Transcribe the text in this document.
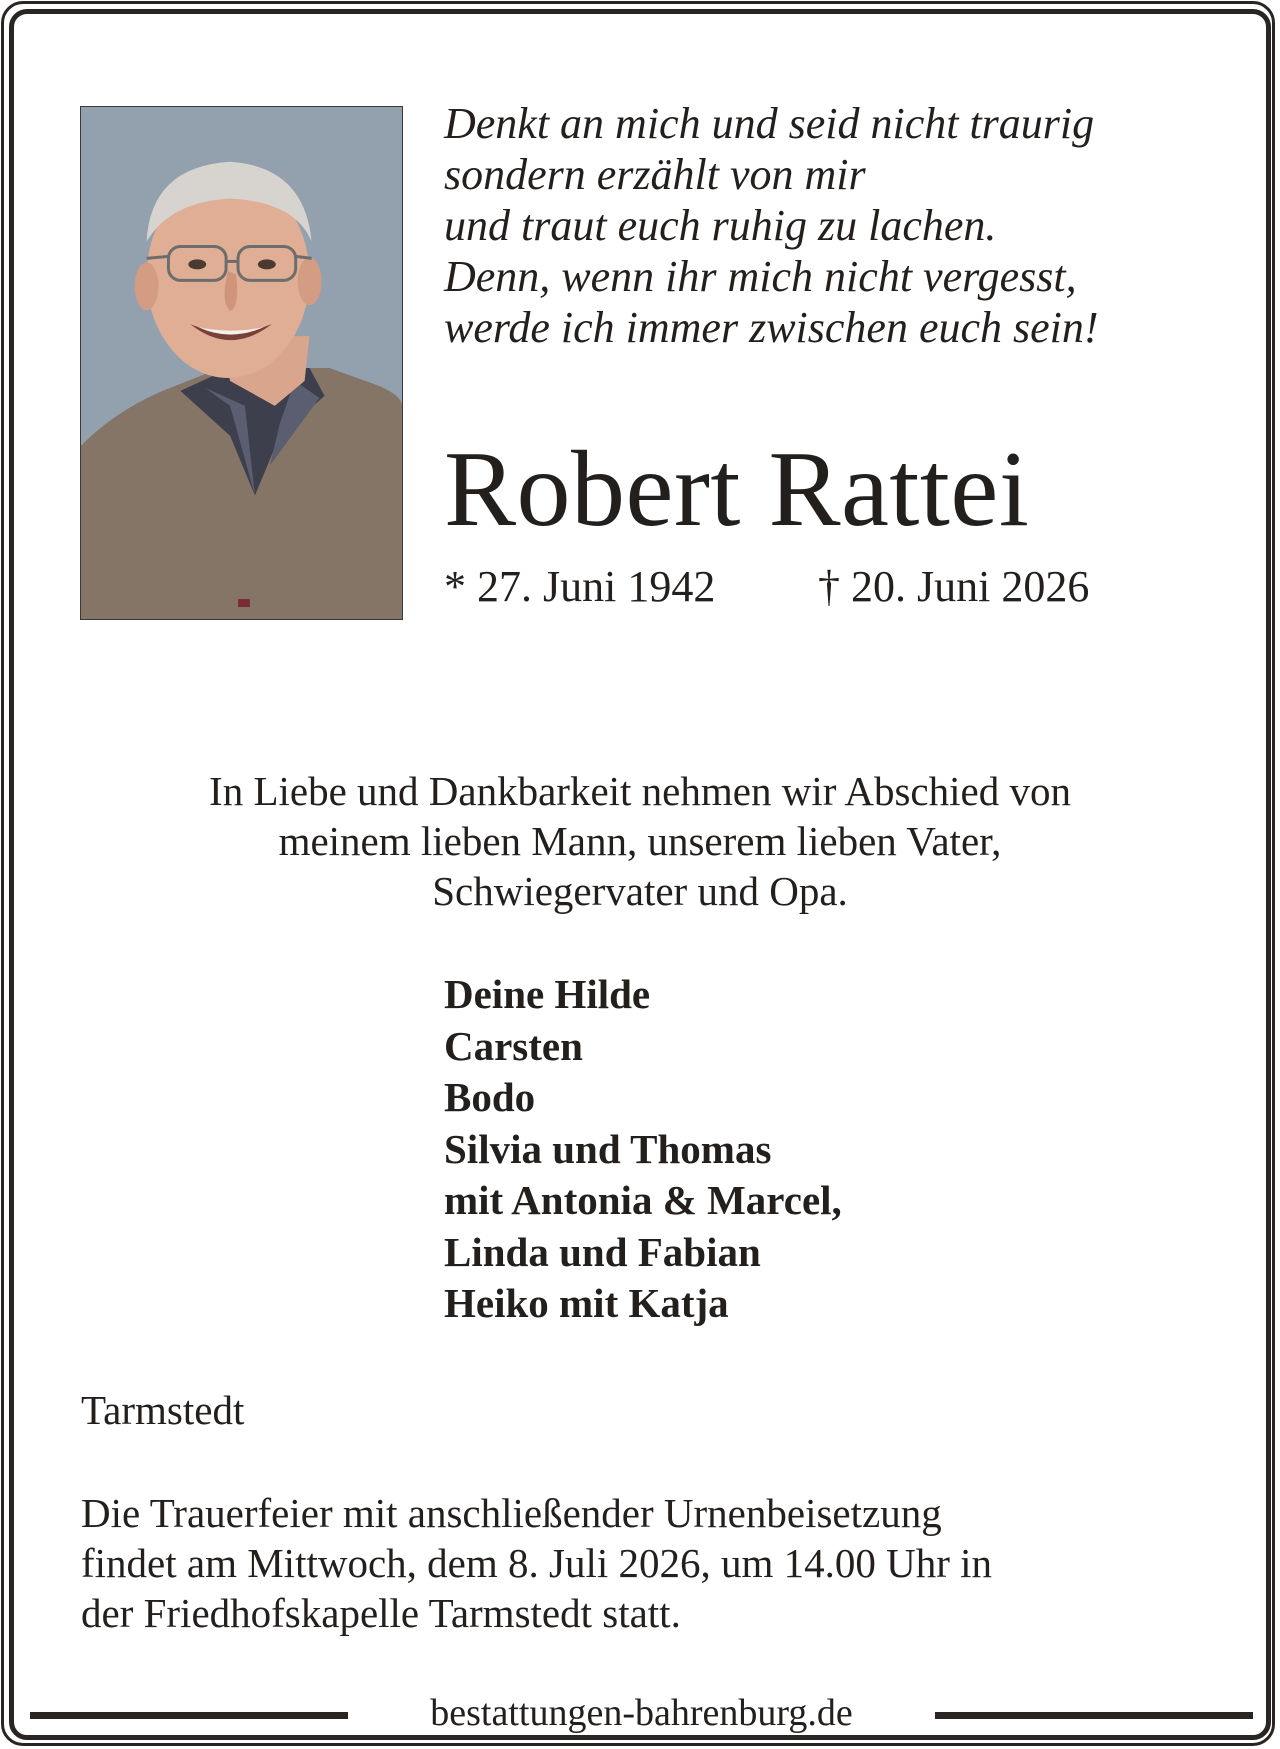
Denkt an mich und seid nicht traurig
sondern erzählt von mir
und traut euch ruhig zu lachen.
Denn, wenn ihr mich nicht vergesst,
werde ich immer zwischen euch sein!
Robert Rattei
* 27. Juni 1942 † 20. Juni 2026
In Liebe und Dankbarkeit nehmen wir Abschied von
meinem lieben Mann, unserem lieben Vater,
Schwiegervater und Opa.
Deine Hilde
Carsten
Bodo
Silvia und Thomas
mit Antonia & Marcel,
Linda und Fabian
Heiko mit Katja
Tarmstedt
Die Trauerfeier mit anschließender Urnenbeisetzung
findet am Mittwoch, dem 8. Juli 2026, um 14.00 Uhr in
der Friedhofskapelle Tarmstedt statt.
bestattungen-bahrenburg.de
